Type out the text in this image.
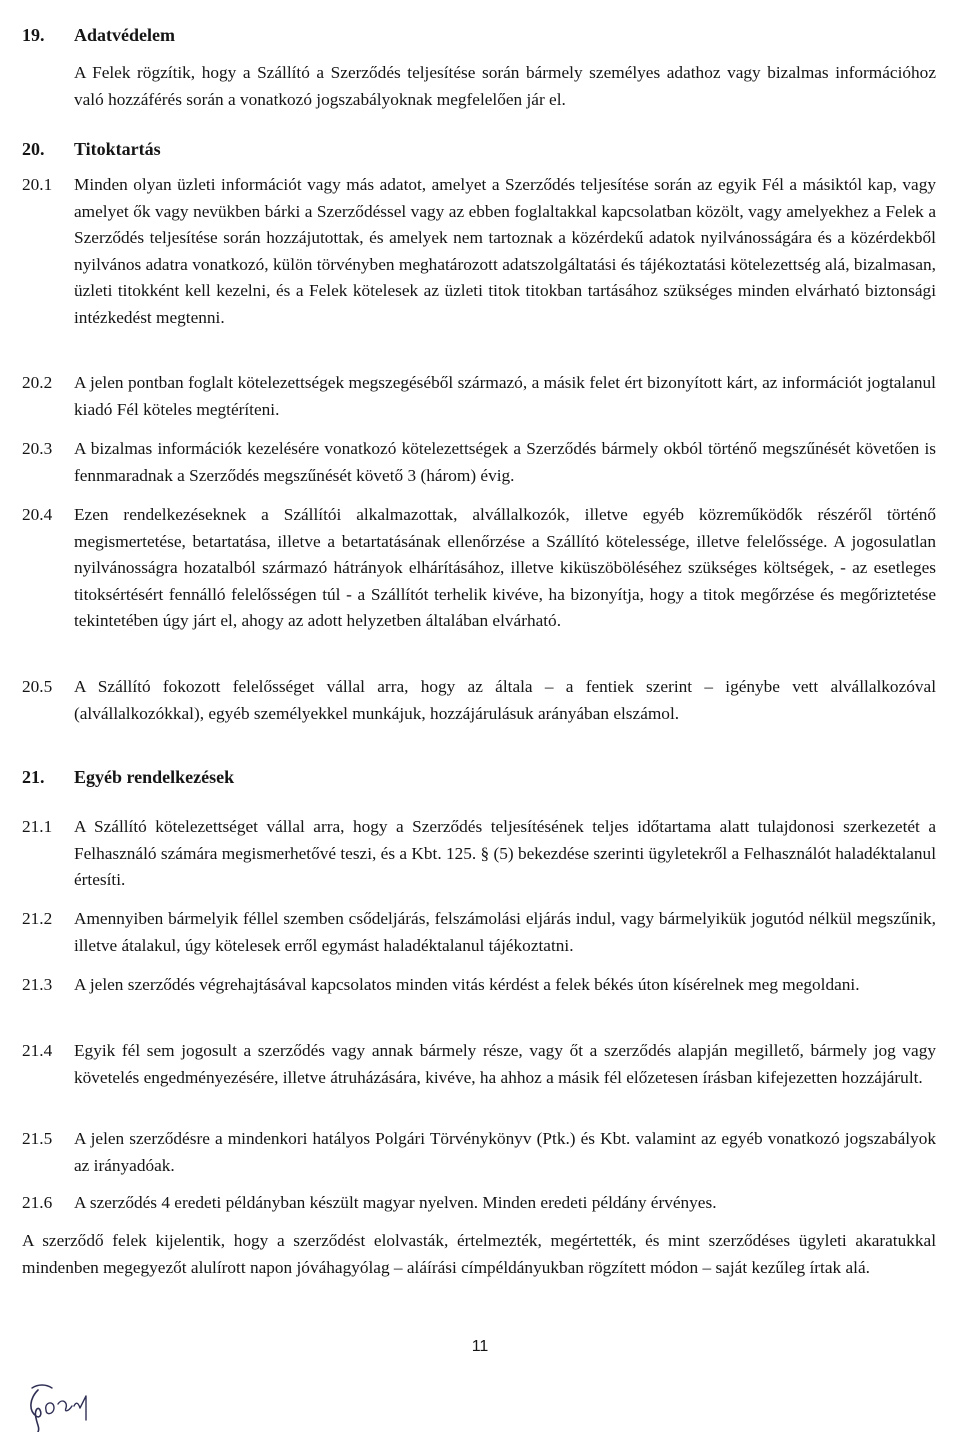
19. Adatvédelem
A Felek rögzítik, hogy a Szállító a Szerződés teljesítése során bármely személyes adathoz vagy bizalmas információhoz való hozzáférés során a vonatkozó jogszabályoknak megfelelően jár el.
20. Titoktartás
20.1 Minden olyan üzleti információt vagy más adatot, amelyet a Szerződés teljesítése során az egyik Fél a másiktól kap, vagy amelyet ők vagy nevükben bárki a Szerződéssel vagy az ebben foglaltakkal kapcsolatban közölt, vagy amelyekhez a Felek a Szerződés teljesítése során hozzájutottak, és amelyek nem tartoznak a közérdekű adatok nyilvánosságára és a közérdekből nyilvános adatra vonatkozó, külön törvényben meghatározott adatszolgáltatási és tájékoztatási kötelezettség alá, bizalmasan, üzleti titokként kell kezelni, és a Felek kötelesek az üzleti titok titokban tartásához szükséges minden elvárható biztonsági intézkedést megtenni.
20.2 A jelen pontban foglalt kötelezettségek megszegéséből származó, a másik felet ért bizonyított kárt, az információt jogtalanul kiadó Fél köteles megtéríteni.
20.3 A bizalmas információk kezelésére vonatkozó kötelezettségek a Szerződés bármely okból történő megszűnését követően is fennmaradnak a Szerződés megszűnését követő 3 (három) évig.
20.4 Ezen rendelkezéseknek a Szállítói alkalmazottak, alvállalkozók, illetve egyéb közreműködők részéről történő megismertetése, betartatása, illetve a betartatásának ellenőrzése a Szállító kötelessége, illetve felelőssége. A jogosulatlan nyilvánosságra hozatalból származó hátrányok elhárításához, illetve kiküszöböléséhez szükséges költségek, - az esetleges titoksértésért fennálló felelősségen túl - a Szállítót terhelik kivéve, ha bizonyítja, hogy a titok megőrzése és megőriztetése tekintetében úgy járt el, ahogy az adott helyzetben általában elvárható.
20.5 A Szállító fokozott felelősséget vállal arra, hogy az általa – a fentiek szerint – igénybe vett alvállalkozóval (alvállalkozókkal), egyéb személyekkel munkájuk, hozzájárulásuk arányában elszámol.
21. Egyéb rendelkezések
21.1 A Szállító kötelezettséget vállal arra, hogy a Szerződés teljesítésének teljes időtartama alatt tulajdonosi szerkezetét a Felhasználó számára megismerhetővé teszi, és a Kbt. 125. § (5) bekezdése szerinti ügyletekről a Felhasználót haladéktalanul értesíti.
21.2 Amennyiben bármelyik féllel szemben csődeljárás, felszámolási eljárás indul, vagy bármelyikük jogutód nélkül megszűnik, illetve átalakul, úgy kötelesek erről egymást haladéktalanul tájékoztatni.
21.3 A jelen szerződés végrehajtásával kapcsolatos minden vitás kérdést a felek békés úton kísérelnek meg megoldani.
21.4 Egyik fél sem jogosult a szerződés vagy annak bármely része, vagy őt a szerződés alapján megillető, bármely jog vagy követelés engedményezésére, illetve átruházására, kivéve, ha ahhoz a másik fél előzetesen írásban kifejezetten hozzájárult.
21.5 A jelen szerződésre a mindenkori hatályos Polgári Törvénykönyv (Ptk.) és Kbt. valamint az egyéb vonatkozó jogszabályok az irányadóak.
21.6 A szerződés 4 eredeti példányban készült magyar nyelven. Minden eredeti példány érvényes.
A szerződő felek kijelentik, hogy a szerződést elolvasták, értelmezték, megértették, és mint szerződéses ügyleti akaratukkal mindenben megegyezőt alulírott napon jóváhagyólag – aláírási címpéldányukban rögzített módon – saját kezűleg írtak alá.
11
